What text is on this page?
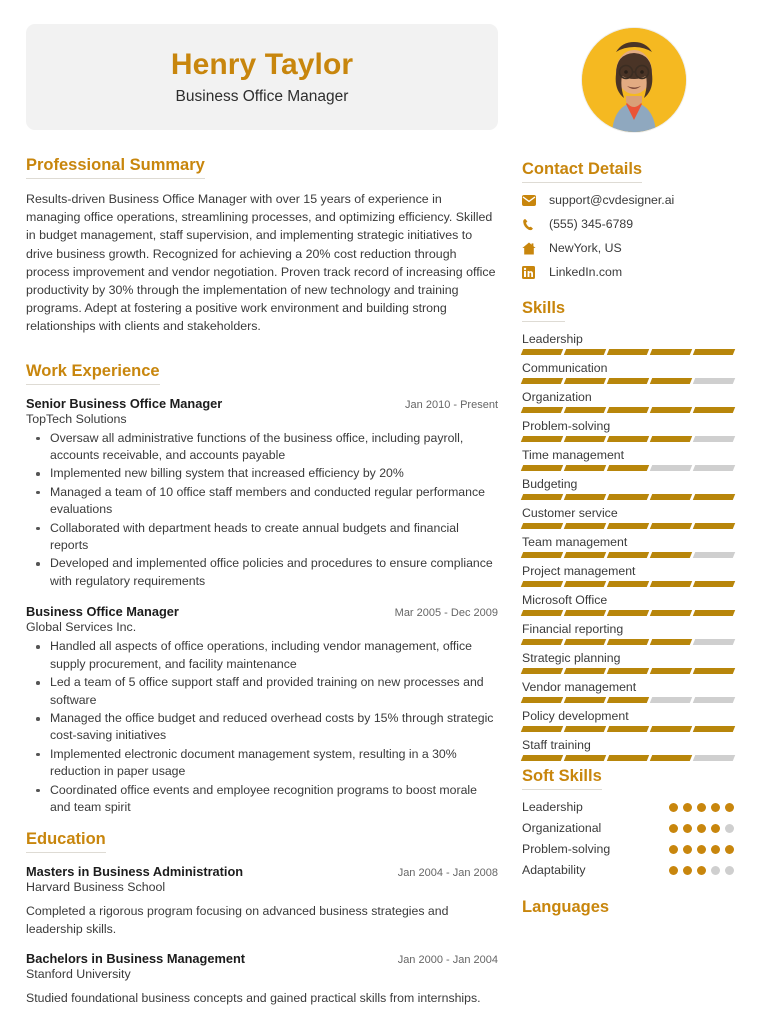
Henry Taylor
Business Office Manager
Professional Summary
Results-driven Business Office Manager with over 15 years of experience in managing office operations, streamlining processes, and optimizing efficiency. Skilled in budget management, staff supervision, and implementing strategic initiatives to drive business growth. Recognized for achieving a 20% cost reduction through process improvement and vendor negotiation. Proven track record of increasing office productivity by 30% through the implementation of new technology and training programs. Adept at fostering a positive work environment and building strong relationships with clients and stakeholders.
Work Experience
Senior Business Office Manager	Jan 2010 - Present
TopTech Solutions
Oversaw all administrative functions of the business office, including payroll, accounts receivable, and accounts payable
Implemented new billing system that increased efficiency by 20%
Managed a team of 10 office staff members and conducted regular performance evaluations
Collaborated with department heads to create annual budgets and financial reports
Developed and implemented office policies and procedures to ensure compliance with regulatory requirements
Business Office Manager	Mar 2005 - Dec 2009
Global Services Inc.
Handled all aspects of office operations, including vendor management, office supply procurement, and facility maintenance
Led a team of 5 office support staff and provided training on new processes and software
Managed the office budget and reduced overhead costs by 15% through strategic cost-saving initiatives
Implemented electronic document management system, resulting in a 30% reduction in paper usage
Coordinated office events and employee recognition programs to boost morale and team spirit
Education
Masters in Business Administration	Jan 2004 - Jan 2008
Harvard Business School
Completed a rigorous program focusing on advanced business strategies and leadership skills.
Bachelors in Business Management	Jan 2000 - Jan 2004
Stanford University
Studied foundational business concepts and gained practical skills from internships.
Contact Details
support@cvdesigner.ai
(555) 345-6789
NewYork, US
LinkedIn.com
Skills
Leadership
Communication
Organization
Problem-solving
Time management
Budgeting
Customer service
Team management
Project management
Microsoft Office
Financial reporting
Strategic planning
Vendor management
Policy development
Staff training
Soft Skills
Leadership
Organizational
Problem-solving
Adaptability
Languages
